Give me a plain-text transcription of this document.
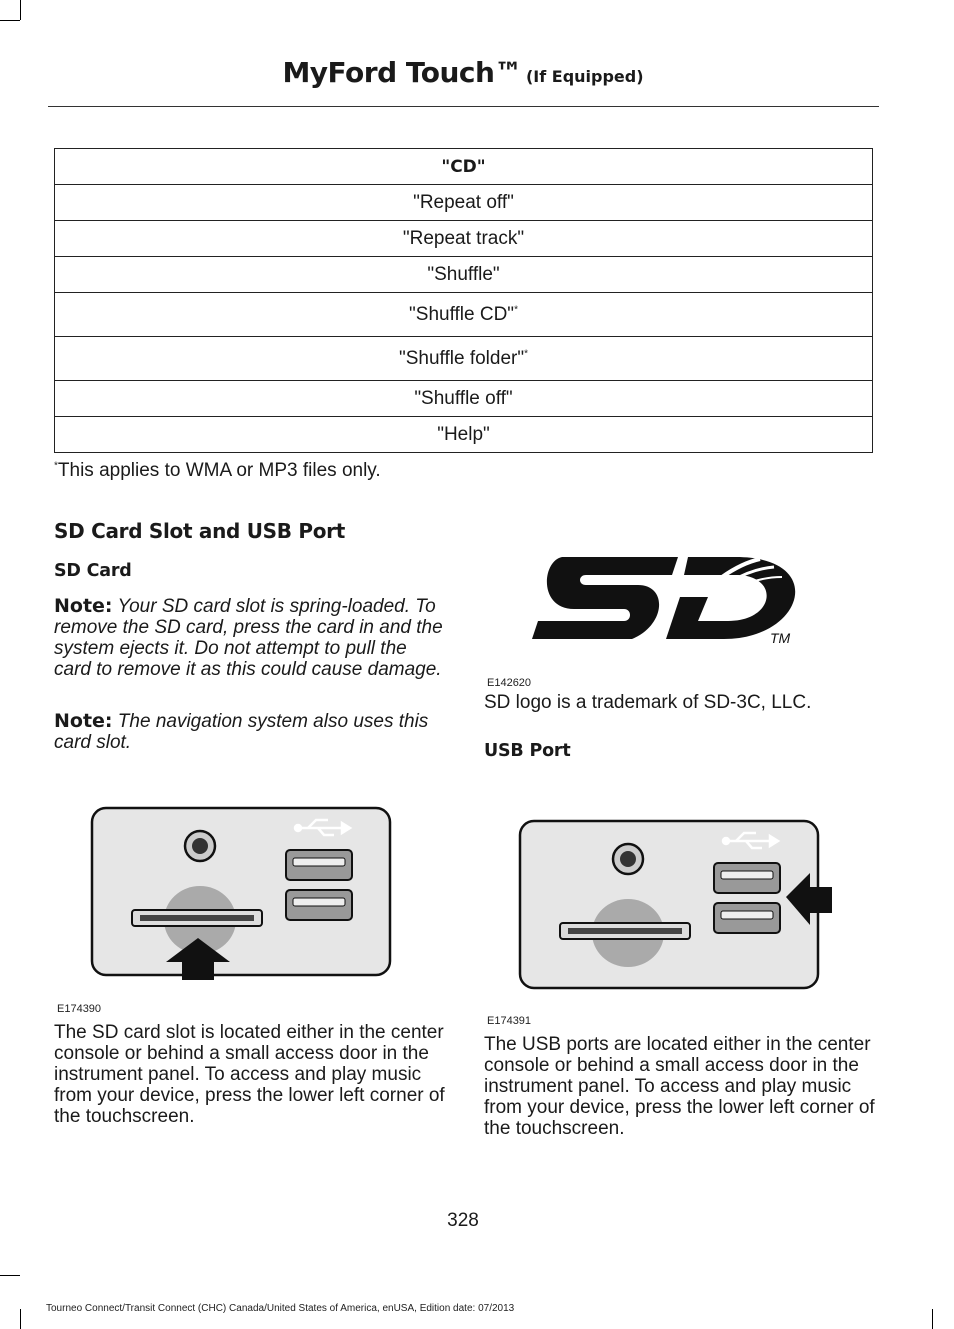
MyFord Touch™ (If Equipped)
"CD"
"Repeat off"
"Repeat track"
"Shuffle"
"Shuffle CD"*
"Shuffle folder"*
"Shuffle off"
"Help"
*This applies to WMA or MP3 files only.
SD Card Slot and USB Port
SD Card
Note: Your SD card slot is spring-loaded. To remove the SD card, press the card in and the system ejects it. Do not attempt to pull the card to remove it as this could cause damage.
Note: The navigation system also uses this card slot.
E174390
The SD card slot is located either in the center console or behind a small access door in the instrument panel. To access and play music from your device, press the lower left corner of the touchscreen.
TM
E142620
SD logo is a trademark of SD-3C, LLC.
USB Port
E174391
The USB ports are located either in the center console or behind a small access door in the instrument panel. To access and play music from your device, press the lower left corner of the touchscreen.
328
Tourneo Connect/Transit Connect (CHC) Canada/United States of America, enUSA, Edition date: 07/2013
